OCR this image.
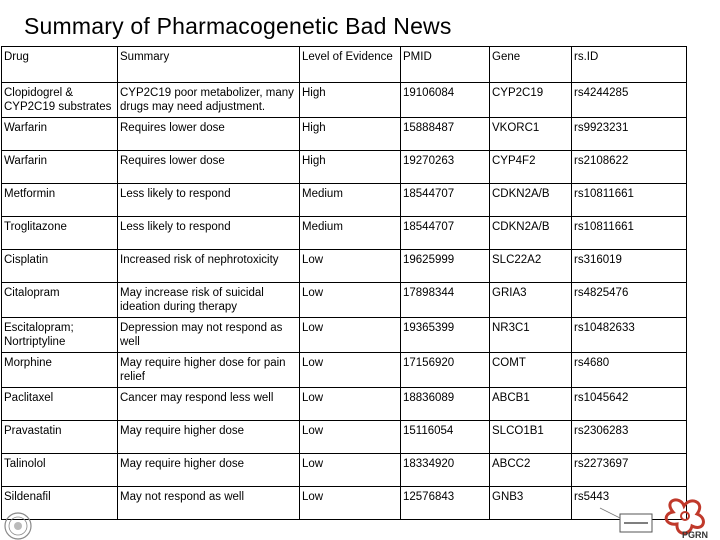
Summary of Pharmacogenetic Bad News
Drug	Summary	Level of Evidence	PMID	Gene	rs.ID
Clopidogrel & CYP2C19 substrates	CYP2C19 poor metabolizer, many drugs may need adjustment.	High	19106084	CYP2C19	rs4244285
Warfarin	Requires lower dose	High	15888487	VKORC1	rs9923231
Warfarin	Requires lower dose	High	19270263	CYP4F2	rs2108622
Metformin	Less likely to respond	Medium	18544707	CDKN2A/B	rs10811661
Troglitazone	Less likely to respond	Medium	18544707	CDKN2A/B	rs10811661
Cisplatin	Increased risk of nephrotoxicity	Low	19625999	SLC22A2	rs316019
Citalopram	May increase risk of suicidal ideation during therapy	Low	17898344	GRIA3	rs4825476
Escitalopram; Nortriptyline	Depression may not respond as well	Low	19365399	NR3C1	rs10482633
Morphine	May require higher dose for pain relief	Low	17156920	COMT	rs4680
Paclitaxel	Cancer may respond less well	Low	18836089	ABCB1	rs1045642
Pravastatin	May require higher dose	Low	15116054	SLCO1B1	rs2306283
Talinolol	May require higher dose	Low	18334920	ABCC2	rs2273697
Sildenafil	May not respond as well	Low	12576843	GNB3	rs5443
PGRN
